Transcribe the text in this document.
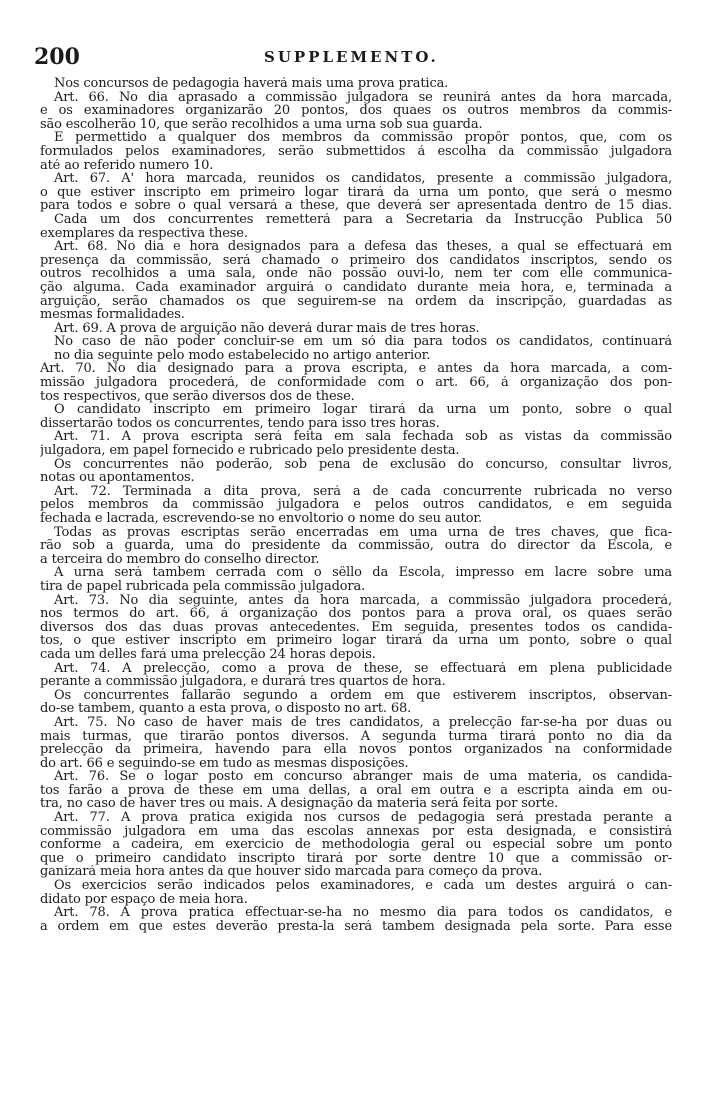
200	SUPPLEMENTO.
Nos concursos de pedagogia haverá mais uma prova pratica.
Art. 66. No dia aprasado a commissão julgadora se reunirá antes da hora marcada,
e os examinadores organizarão 20 pontos, dos quaes os outros membros da commis-
são escolherão 10, que serão recolhidos a uma urna sob sua guarda.
É permettido a qualquer dos membros da commissão propôr pontos, que, com os
formulados pelos examinadores, serão submettidos á escolha da commissão julgadora
até ao referido numero 10.
Art. 67. A' hora marcada, reunidos os candidatos, presente a commissão julgadora,
o que estiver inscripto em primeiro logar tirará da urna um ponto, que será o mesmo
para todos e sobre o qual versará a these, que deverá ser apresentada dentro de 15 dias.
Cada um dos concurrentes remetterá para a Secretaria da Instrucção Publica 50
exemplares da respectiva these.
Art. 68. No dia e hora designados para a defesa das theses, a qual se effectuará em
presença da commissão, será chamado o primeiro dos candidatos inscriptos, sendo os
outros recolhidos a uma sala, onde não possão ouvi-lo, nem ter com elle communica-
ção alguma. Cada examinador arguirá o candidato durante meia hora, e, terminada a
arguição, serão chamados os que seguirem-se na ordem da inscripção, guardadas as
mesmas formalidades.
Art. 69. A prova de arguição não deverá durar mais de tres horas.
No caso de não poder concluir-se em um só dia para todos os candidatos, continuará
no dia seguinte pelo modo estabelecido no artigo anterior.
Art. 70. No dia designado para a prova escripta, e antes da hora marcada, a com-
missão julgadora procederá, de conformidade com o art. 66, á organização dos pon-
tos respectivos, que serão diversos dos de these.
O candidato inscripto em primeiro logar tirará da urna um ponto, sobre o qual
dissertarão todos os concurrentes, tendo para isso tres horas.
Art. 71. A prova escripta será feita em sala fechada sob as vistas da commissão
julgadora, em papel fornecido e rubricado pelo presidente desta.
Os concurrentes não poderão, sob pena de exclusão do concurso, consultar livros,
notas ou apontamentos.
Art. 72. Terminada a dita prova, será a de cada concurrente rubricada no verso
pelos membros da commissão julgadora e pelos outros candidatos, e em seguida
fechada e lacrada, escrevendo-se no envoltorio o nome do seu autor.
Todas as provas escriptas serão encerradas em uma urna de tres chaves, que fica-
rão sob a guarda, uma do presidente da commissão, outra do director da Escola, e
a terceira do membro do conselho director.
A urna será tambem cerrada com o sêllo da Escola, impresso em lacre sobre uma
tira de papel rubricada pela commissão julgadora.
Art. 73. No dia seguinte, antes da hora marcada, a commissão julgadora procederá,
nos termos do art. 66, á organização dos pontos para a prova oral, os quaes serão
diversos dos das duas provas antecedentes. Em seguida, presentes todos os candida-
tos, o que estiver inscripto em primeiro logar tirará da urna um ponto, sobre o qual
cada um delles fará uma prelecção 24 horas depois.
Art. 74. A prelecção, como a prova de these, se effectuará em plena publicidade
perante a commissão julgadora, e durará tres quartos de hora.
Os concurrentes fallarão segundo a ordem em que estiverem inscriptos, observan-
do-se tambem, quanto a esta prova, o disposto no art. 68.
Art. 75. No caso de haver mais de tres candidatos, a prelecção far-se-ha por duas ou
mais turmas, que tirarão pontos diversos. A segunda turma tirará ponto no dia da
prelecção da primeira, havendo para ella novos pontos organizados na conformidade
do art. 66 e seguindo-se em tudo as mesmas disposições.
Art. 76. Se o logar posto em concurso abranger mais de uma materia, os candida-
tos farão a prova de these em uma dellas, a oral em outra e a escripta ainda em ou-
tra, no caso de haver tres ou mais. A designação da materia será feita por sorte.
Art. 77. A prova pratica exigida nos cursos de pedagogia será prestada perante a
commissão julgadora em uma das escolas annexas por esta designada, e consistirá
conforme a cadeira, em exercicio de methodologia geral ou especial sobre um ponto
que o primeiro candidato inscripto tirará por sorte dentre 10 que a commissão or-
ganizará meia hora antes da que houver sido marcada para começo da prova.
Os exercicios serão indicados pelos examinadores, e cada um destes arguirá o can-
didato por espaço de meia hora.
Art. 78. A prova pratica effectuar-se-ha no mesmo dia para todos os candidatos, e
a ordem em que estes deverão presta-la será tambem designada pela sorte. Para esse
